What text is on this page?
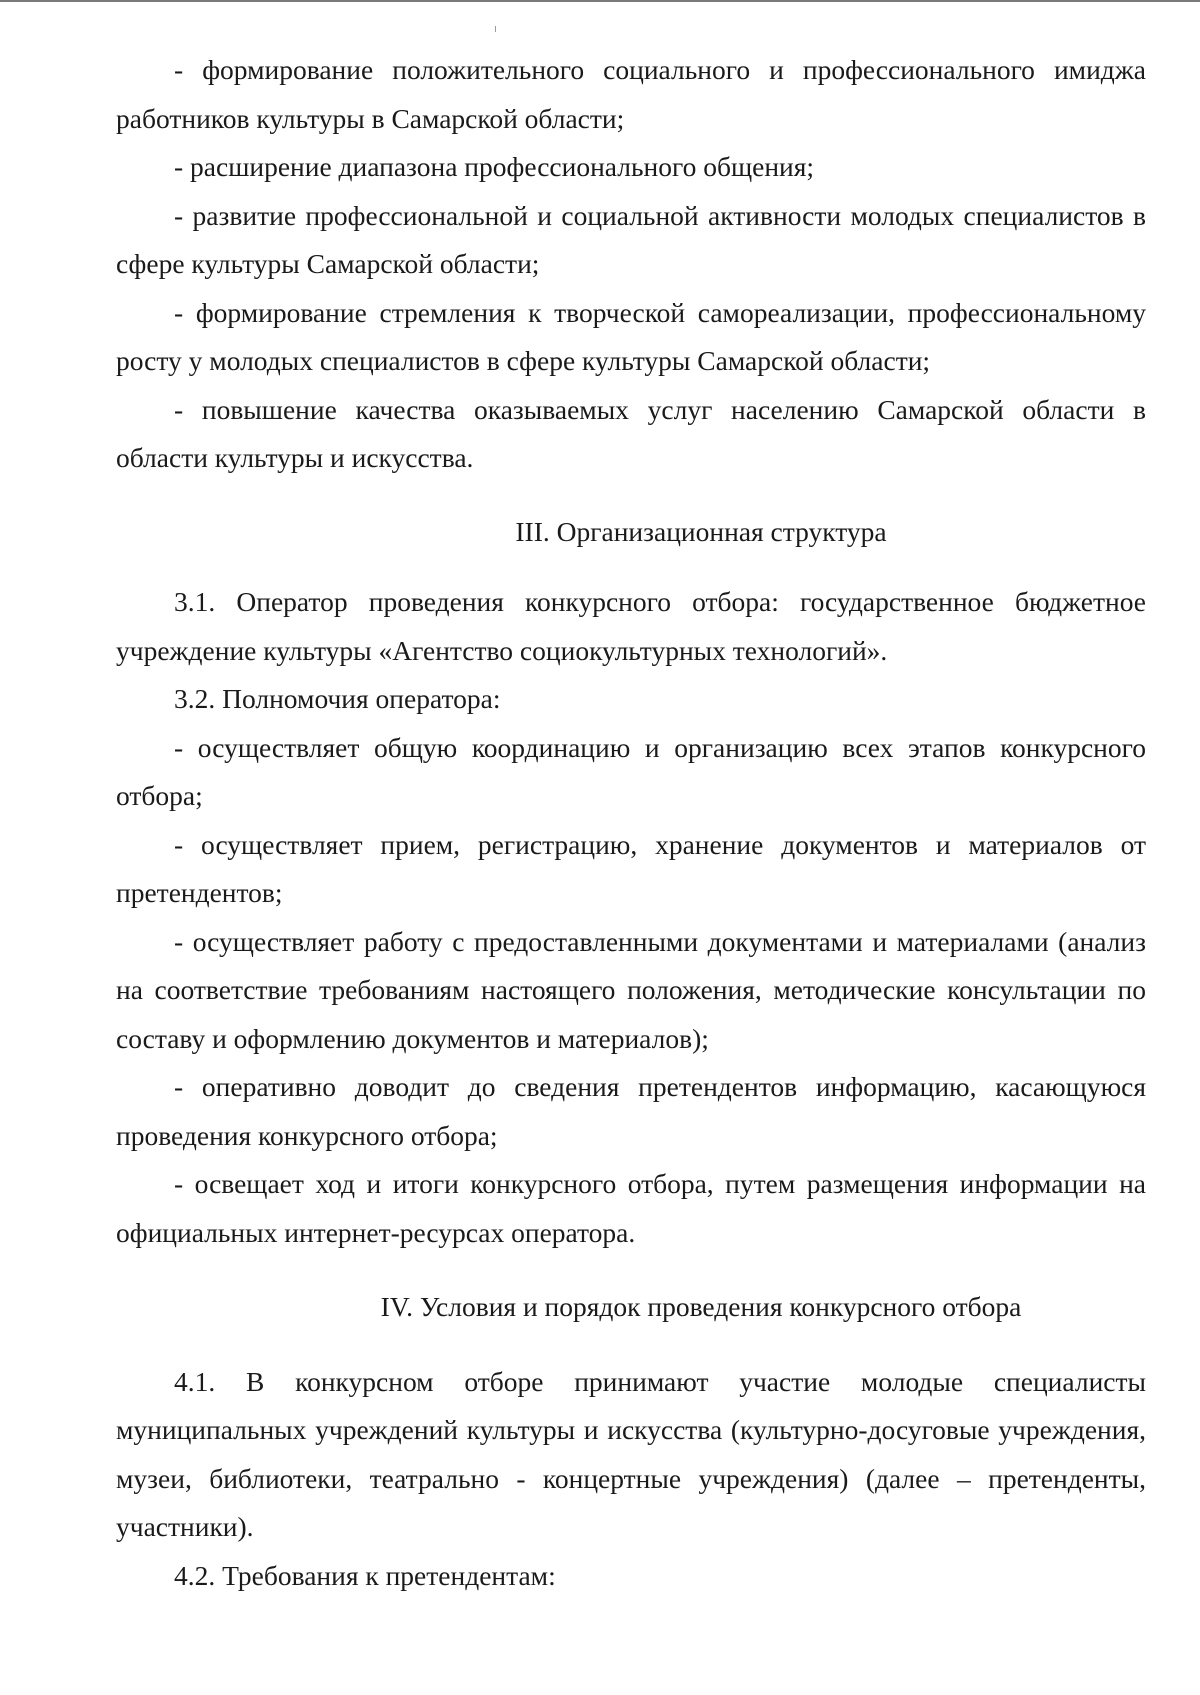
- формирование положительного социального и профессионального имиджа работников культуры в Самарской области;

- расширение диапазона профессионального общения;

- развитие профессиональной и социальной активности молодых специалистов в сфере культуры Самарской области;

- формирование стремления к творческой самореализации, профессиональному росту у молодых специалистов в сфере культуры Самарской области;

- повышение качества оказываемых услуг населению Самарской области в области культуры и искусства.

III. Организационная структура

3.1. Оператор проведения конкурсного отбора: государственное бюджетное учреждение культуры «Агентство социокультурных технологий».

3.2. Полномочия оператора:

- осуществляет общую координацию и организацию всех этапов конкурсного отбора;

- осуществляет прием, регистрацию, хранение документов и материалов от претендентов;

- осуществляет работу с предоставленными документами и материалами (анализ на соответствие требованиям настоящего положения, методические консультации по составу и оформлению документов и материалов);

- оперативно доводит до сведения претендентов информацию, касающуюся проведения конкурсного отбора;

- освещает ход и итоги конкурсного отбора, путем размещения информации на официальных интернет-ресурсах оператора.

IV. Условия и порядок проведения конкурсного отбора

4.1. В конкурсном отборе принимают участие молодые специалисты муниципальных учреждений культуры и искусства (культурно-досуговые учреждения, музеи, библиотеки, театрально - концертные учреждения) (далее – претенденты, участники).

4.2. Требования к претендентам:
